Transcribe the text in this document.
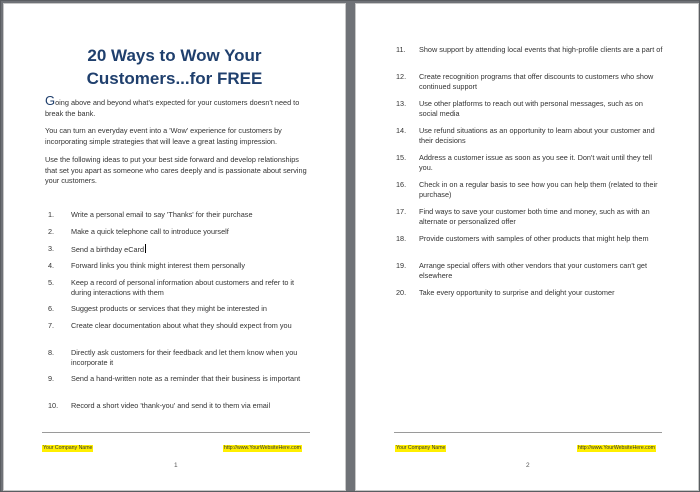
20 Ways to Wow Your
Customers...for FREE
Going above and beyond what's expected for your customers doesn't need to break the bank.
You can turn an everyday event into a 'Wow' experience for customers by incorporating simple strategies that will leave a great lasting impression.
Use the following ideas to put your best side forward and develop relationships that set you apart as someone who cares deeply and is passionate about serving your customers.
1.	Write a personal email to say 'Thanks' for their purchase
2.	Make a quick telephone call to introduce yourself
3.	Send a birthday eCard
4.	Forward links you think might interest them personally
5.	Keep a record of personal information about customers and refer to it during interactions with them
6.	Suggest products or services that they might be interested in
7.	Create clear documentation about what they should expect from you
8.	Directly ask customers for their feedback and let them know when you incorporate it
9.	Send a hand-written note as a reminder that their business is important
10.	Record a short video 'thank-you' and send it to them via email
Your Company Name	http://www.YourWebsiteHere.com
1
11.	Show support by attending local events that high-profile clients are a part of
12.	Create recognition programs that offer discounts to customers who show continued support
13.	Use other platforms to reach out with personal messages, such as on social media
14.	Use refund situations as an opportunity to learn about your customer and their decisions
15.	Address a customer issue as soon as you see it. Don't wait until they tell you.
16.	Check in on a regular basis to see how you can help them (related to their purchase)
17.	Find ways to save your customer both time and money, such as with an alternate or personalized offer
18.	Provide customers with samples of other products that might help them
19.	Arrange special offers with other vendors that your customers can't get elsewhere
20.	Take every opportunity to surprise and delight your customer
Your Company Name	http://www.YourWebsiteHere.com
2
